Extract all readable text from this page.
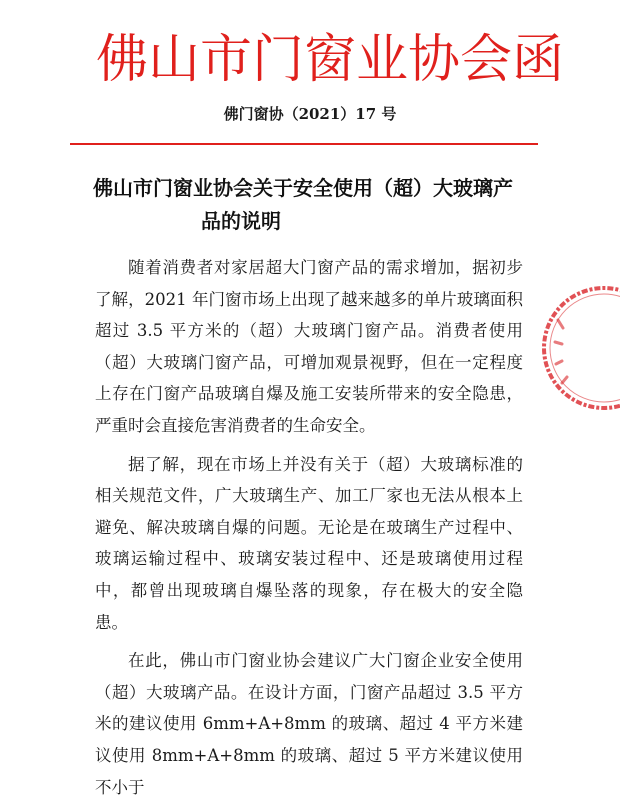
佛山市门窗业协会函
佛门窗协（2021）17 号
佛山市门窗业协会关于安全使用（超）大玻璃产
品的说明

随着消费者对家居超大门窗产品的需求增加，据初步了解，2021 年门窗市场上出现了越来越多的单片玻璃面积超过 3.5 平方米的（超）大玻璃门窗产品。消费者使用（超）大玻璃门窗产品，可增加观景视野，但在一定程度上存在门窗产品玻璃自爆及施工安装所带来的安全隐患，严重时会直接危害消费者的生命安全。

据了解，现在市场上并没有关于（超）大玻璃标准的相关规范文件，广大玻璃生产、加工厂家也无法从根本上避免、解决玻璃自爆的问题。无论是在玻璃生产过程中、玻璃运输过程中、玻璃安装过程中、还是玻璃使用过程中，都曾出现玻璃自爆坠落的现象，存在极大的安全隐患。

在此，佛山市门窗业协会建议广大门窗企业安全使用（超）大玻璃产品。在设计方面，门窗产品超过 3.5 平方米的建议使用 6mm+A+8mm 的玻璃、超过 4 平方米建议使用 8mm+A+8mm 的玻璃、超过 5 平方米建议使用不小于
